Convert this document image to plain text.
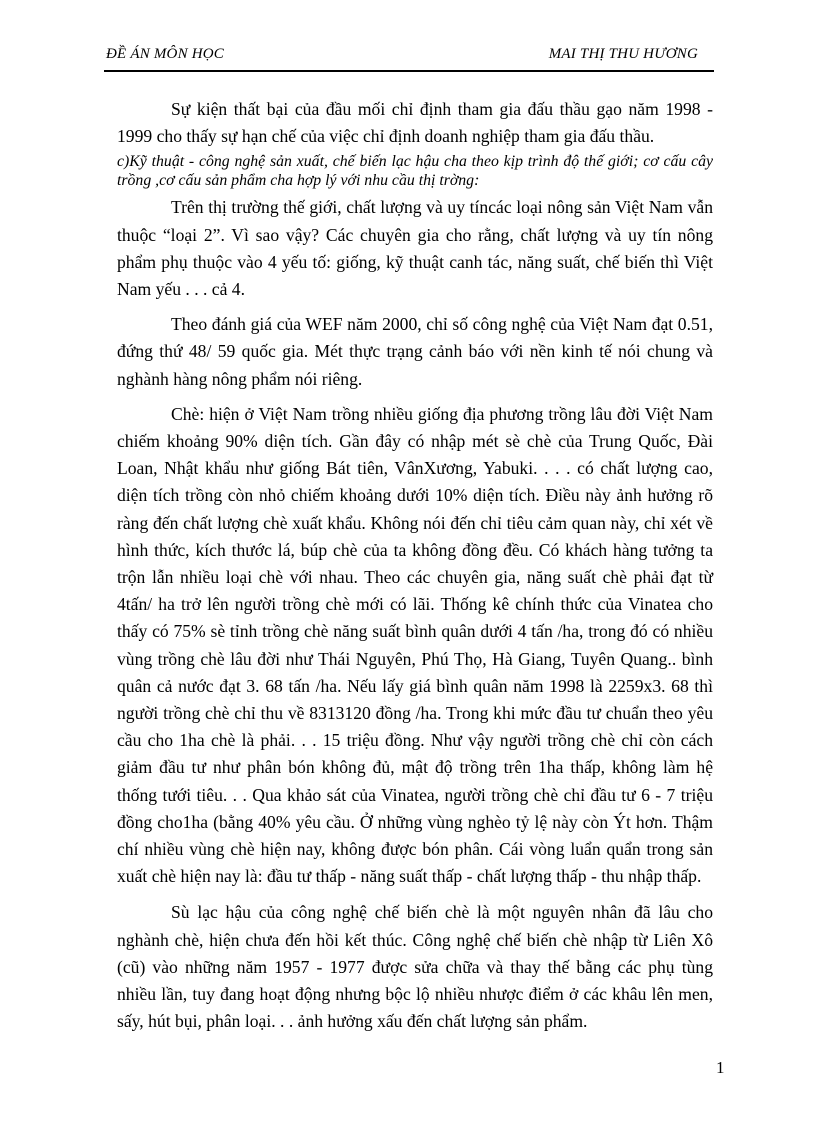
ĐỀ ÁN MÔN HỌC	MAI THỊ THU HƯƠNG

Sự kiện thất bại của đầu mối chỉ định tham gia đấu thầu gạo năm 1998 - 1999 cho thấy sự hạn chế của việc chỉ định doanh nghiệp tham gia đấu thầu.

c)Kỹ thuật - công nghệ sản xuất, chế biến lạc hậu cha theo kịp trình độ thế giới; cơ cấu cây trồng ,cơ cấu sản phẩm cha hợp lý với nhu cầu thị trờng:

Trên thị trường thế giới, chất lượng và uy tíncác loại nông sản Việt Nam vẫn thuộc “loại 2”. Vì sao vậy? Các chuyên gia cho rằng, chất lượng và uy tín nông phẩm phụ thuộc vào 4 yếu tố: giống, kỹ thuật canh tác, năng suất, chế biến thì Việt Nam yếu . . . cả 4.

Theo đánh giá của WEF năm 2000, chỉ số công nghệ của Việt Nam đạt 0.51, đứng thứ 48/ 59 quốc gia. Mét thực trạng cảnh báo với nền kinh tế nói chung và nghành hàng nông phẩm nói riêng.

Chè: hiện ở Việt Nam trồng nhiều giống địa phương trồng lâu đời Việt Nam chiếm khoảng 90% diện tích. Gần đây có nhập mét sè chè của Trung Quốc, Đài Loan, Nhật khẩu như giống Bát tiên, VânXương, Yabuki. . . . có chất lượng cao, diện tích trồng còn nhỏ chiếm khoảng dưới 10% diện tích. Điều này ảnh hưởng rõ ràng đến chất lượng chè xuất khẩu. Không nói đến chỉ tiêu cảm quan này, chỉ xét về hình thức, kích thước lá, búp chè của ta không đồng đều. Có khách hàng tưởng ta trộn lẫn nhiều loại chè với nhau. Theo các chuyên gia, năng suất chè phải đạt từ 4tấn/ ha trở lên người trồng chè mới có lãi. Thống kê chính thức của Vinatea cho thấy có 75% sè tỉnh trồng chè năng suất bình quân dưới 4 tấn /ha, trong đó có nhiều vùng trồng chè lâu đời như Thái Nguyên, Phú Thọ, Hà Giang, Tuyên Quang.. bình quân cả nước đạt 3. 68 tấn /ha. Nếu lấy giá bình quân năm 1998 là 2259x3. 68 thì người trồng chè chỉ thu về 8313120 đồng /ha. Trong khi mức đầu tư chuẩn theo yêu cầu cho 1ha chè là phải. . . 15 triệu đồng. Như vậy người trồng chè chỉ còn cách giảm đầu tư như phân bón không đủ, mật độ trồng trên 1ha thấp, không làm hệ thống tưới tiêu. . . Qua khảo sát của Vinatea, người trồng chè chỉ đầu tư 6 - 7 triệu đồng cho1ha (bằng 40% yêu cầu. Ở những vùng nghèo tỷ lệ này còn Ýt hơn. Thậm chí nhiều vùng chè hiện nay, không được bón phân. Cái vòng luẩn quẩn trong sản xuất chè hiện nay là: đầu tư thấp - năng suất thấp - chất lượng thấp - thu nhập thấp.

Sù lạc hậu của công nghệ chế biến chè là một nguyên nhân đã lâu cho nghành chè, hiện chưa đến hồi kết thúc. Công nghệ chế biến chè nhập từ Liên Xô (cũ) vào những năm 1957 - 1977 được sửa chữa và thay thế bằng các phụ tùng nhiều lần, tuy đang hoạt động nhưng bộc lộ nhiều nhược điểm ở các khâu lên men, sấy, hút bụi, phân loại. . . ảnh hưởng xấu đến chất lượng sản phẩm.

1
